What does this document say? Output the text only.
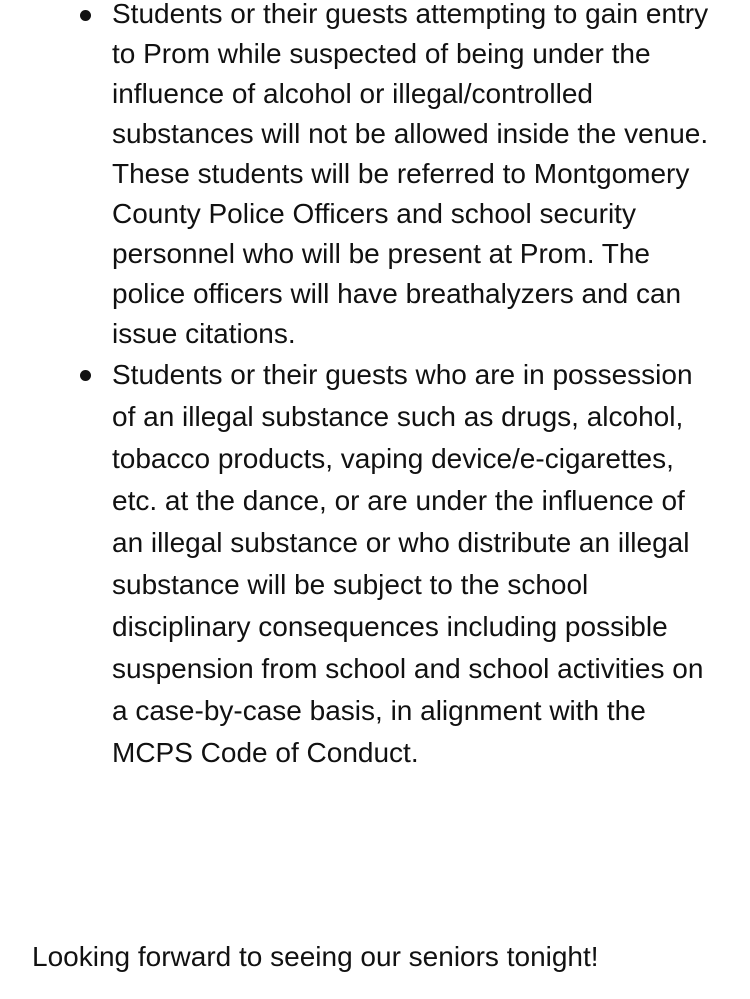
Students or their guests attempting to gain entry to Prom while suspected of being under the influence of alcohol or illegal/controlled substances will not be allowed inside the venue. These students will be referred to Montgomery County Police Officers and school security personnel who will be present at Prom. The police officers will have breathalyzers and can issue citations.
Students or their guests who are in possession of an illegal substance such as drugs, alcohol, tobacco products, vaping device/e-cigarettes, etc. at the dance, or are under the influence of an illegal substance or who distribute an illegal substance will be subject to the school disciplinary consequences including possible suspension from school and school activities on a case-by-case basis, in alignment with the MCPS Code of Conduct.

Looking forward to seeing our seniors tonight!
